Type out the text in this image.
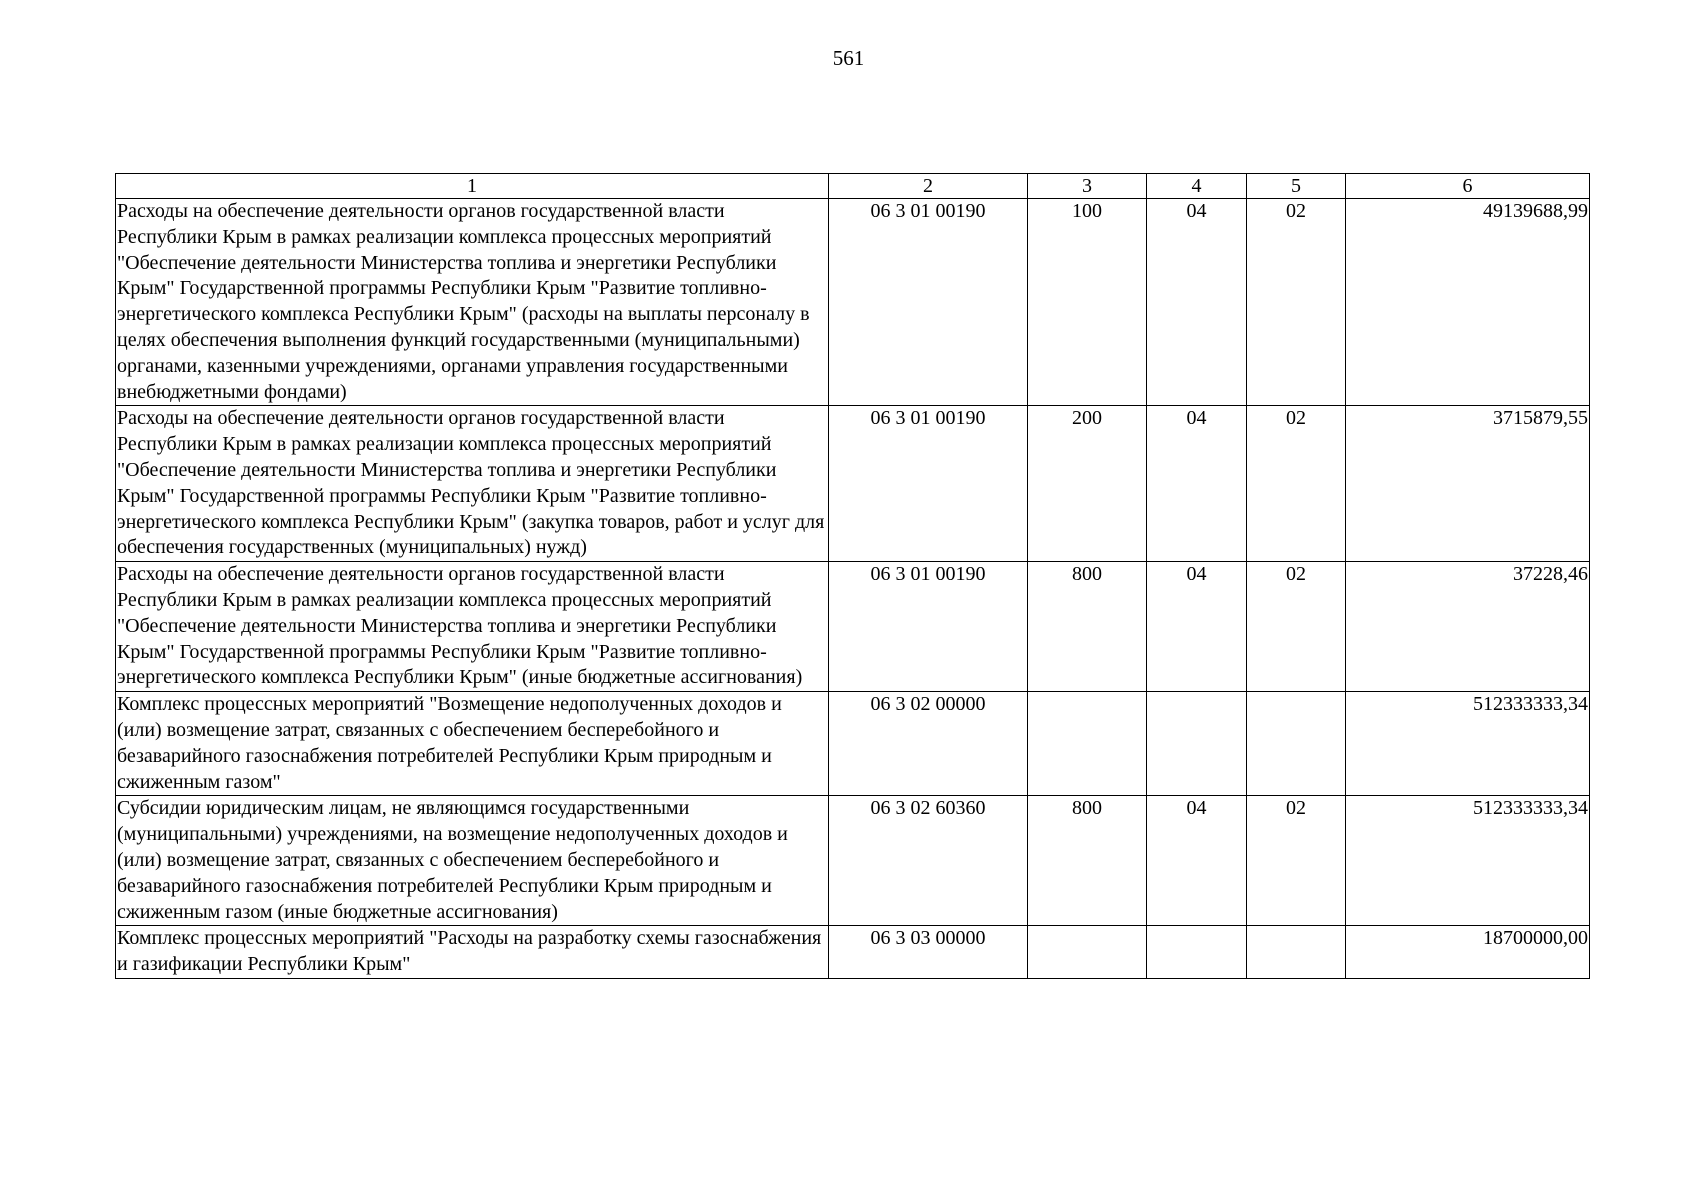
561
1	2	3	4	5	6
Расходы на обеспечение деятельности органов государственной власти Республики Крым в рамках реализации комплекса процессных мероприятий "Обеспечение деятельности Министерства топлива и энергетики Республики Крым" Государственной программы Республики Крым "Развитие топливно-энергетического комплекса Республики Крым" (расходы на выплаты персоналу в целях обеспечения выполнения функций государственными (муниципальными) органами, казенными учреждениями, органами управления государственными внебюджетными фондами)	06 3 01 00190	100	04	02	49139688,99
Расходы на обеспечение деятельности органов государственной власти Республики Крым в рамках реализации комплекса процессных мероприятий "Обеспечение деятельности Министерства топлива и энергетики Республики Крым" Государственной программы Республики Крым "Развитие топливно-энергетического комплекса Республики Крым" (закупка товаров, работ и услуг для обеспечения государственных (муниципальных) нужд)	06 3 01 00190	200	04	02	3715879,55
Расходы на обеспечение деятельности органов государственной власти Республики Крым в рамках реализации комплекса процессных мероприятий "Обеспечение деятельности Министерства топлива и энергетики Республики Крым" Государственной программы Республики Крым "Развитие топливно-энергетического комплекса Республики Крым" (иные бюджетные ассигнования)	06 3 01 00190	800	04	02	37228,46
Комплекс процессных мероприятий "Возмещение недополученных доходов и (или) возмещение затрат, связанных с обеспечением бесперебойного и безаварийного газоснабжения потребителей Республики Крым природным и сжиженным газом"	06 3 02 00000				512333333,34
Субсидии юридическим лицам, не являющимся государственными (муниципальными) учреждениями, на возмещение недополученных доходов и (или) возмещение затрат, связанных с обеспечением бесперебойного и безаварийного газоснабжения потребителей Республики Крым природным и сжиженным газом (иные бюджетные ассигнования)	06 3 02 60360	800	04	02	512333333,34
Комплекс процессных мероприятий "Расходы на разработку схемы газоснабжения и газификации Республики Крым"	06 3 03 00000				18700000,00
